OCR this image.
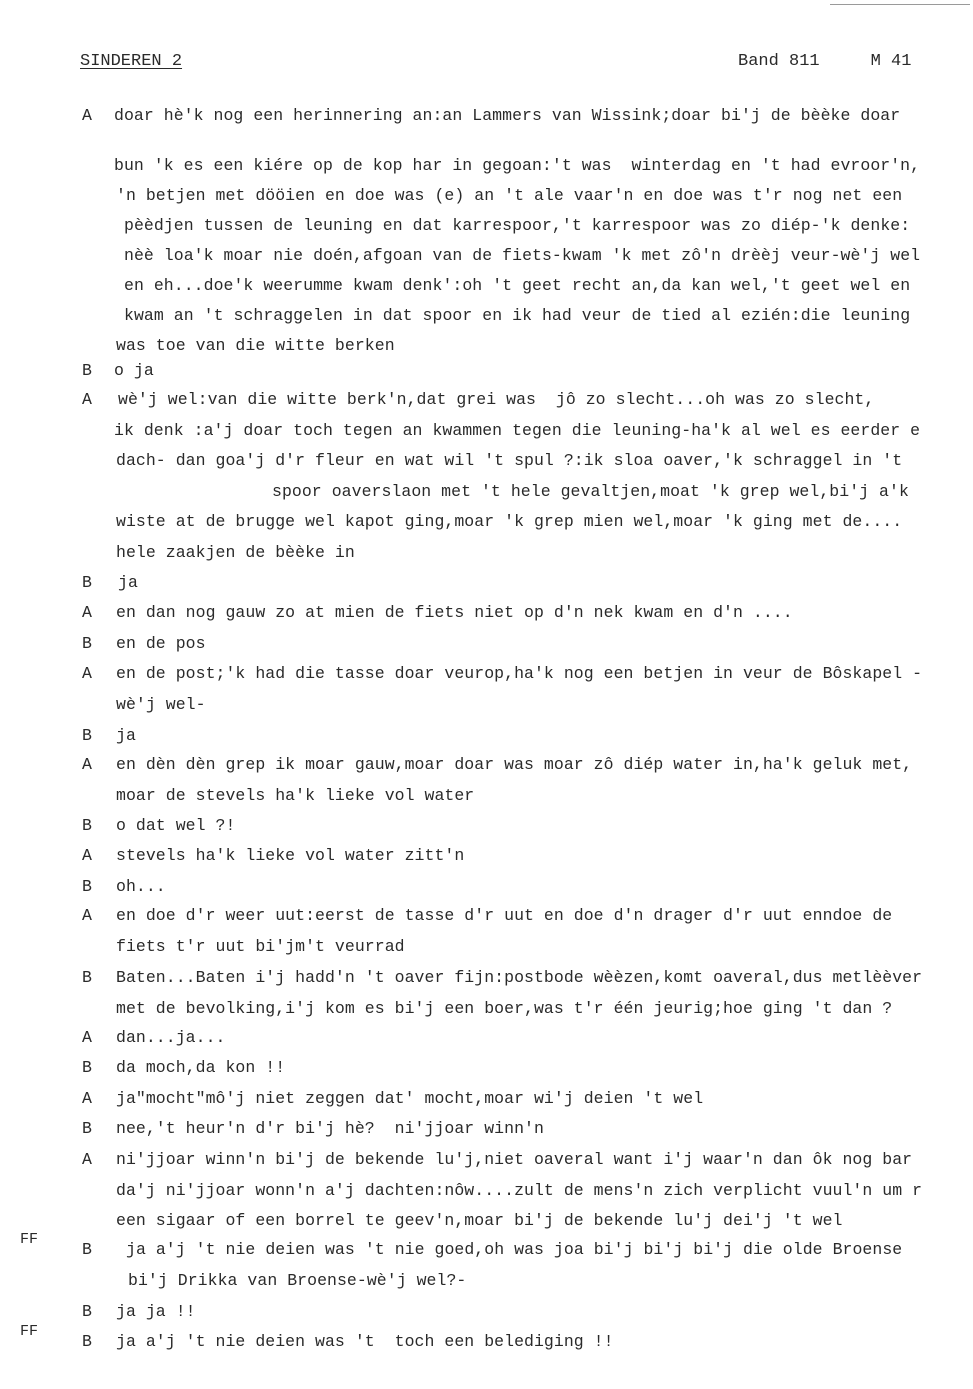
SINDEREN 2	Band 811	M 41
A doar hè'k nog een herinnering an:an Lammers van Wissink;doar bi'j de bèèke doar
bun 'k es een kiére op de kop har in gegoan:'t was  winterdag en 't had evroor'n,
'n betjen met dööien en doe was (e) an 't ale vaar'n en doe was t'r nog net een
pèèdjen tussen de leuning en dat karrespoor,'t karrespoor was zo diép-'k denke:
nèè loa'k moar nie doén,afgoan van de fiets-kwam 'k met zô'n drèèj veur-wè'j wel
en eh...doe'k weerumme kwam denk':oh 't geet recht an,da kan wel,'t geet wel en
kwam an 't schraggelen in dat spoor en ik had veur de tied al ezién:die leuning
was toe van die witte berken
B o ja
A wè'j wel:van die witte berk'n,dat grei was  jô zo slecht...oh was zo slecht,
ik denk :a'j doar toch tegen an kwammen tegen die leuning-ha'k al wel es eerder e
dach- dan goa'j d'r fleur en wat wil 't spul ?:ik sloa oaver,'k schraggel in 't
spoor oaverslaon met 't hele gevaltjen,moat 'k grep wel,bi'j a'k
wiste at de brugge wel kapot ging,moar 'k grep mien wel,moar 'k ging met de....
hele zaakjen de bèèke in
B ja
A en dan nog gauw zo at mien de fiets niet op d'n nek kwam en d'n ....
B en de pos
A en de post;'k had die tasse doar veurop,ha'k nog een betjen in veur de Bôskapel -
wè'j wel-
B ja
A en dèn dèn grep ik moar gauw,moar doar was moar zô diép water in,ha'k geluk met,
moar de stevels ha'k lieke vol water
B o dat wel ?!
A stevels ha'k lieke vol water zitt'n
B oh...
A en doe d'r weer uut:eerst de tasse d'r uut en doe d'n drager d'r uut enndoe de
fiets t'r uut bi'jm't veurrad
B Baten...Baten i'j hadd'n 't oaver fijn:postbode wèèzen,komt oaveral,dus metlèèver
met de bevolking,i'j kom es bi'j een boer,was t'r één jeurig;hoe ging 't dan ?
A dan...ja...
B da moch,da kon !!
A ja"mocht"mô'j niet zeggen dat' mocht,moar wi'j deien 't wel
B nee,'t heur'n d'r bi'j hè?  ni'jjoar winn'n
A ni'jjoar winn'n bi'j de bekende lu'j,niet oaveral want i'j waar'n dan ôk nog bar
da'j ni'jjoar wonn'n a'j dachten:nôw....zult de mens'n zich verplicht vuul'n um r
een sigaar of een borrel te geev'n,moar bi'j de bekende lu'j dei'j 't wel
B
FF
ja a'j 't nie deien was 't nie goed,oh was joa bi'j bi'j bi'j die olde Broense
bi'j Drikka van Broense-wè'j wel?-
B ja ja !!
B
FF
ja a'j 't nie deien was 't  toch een belediging !!
